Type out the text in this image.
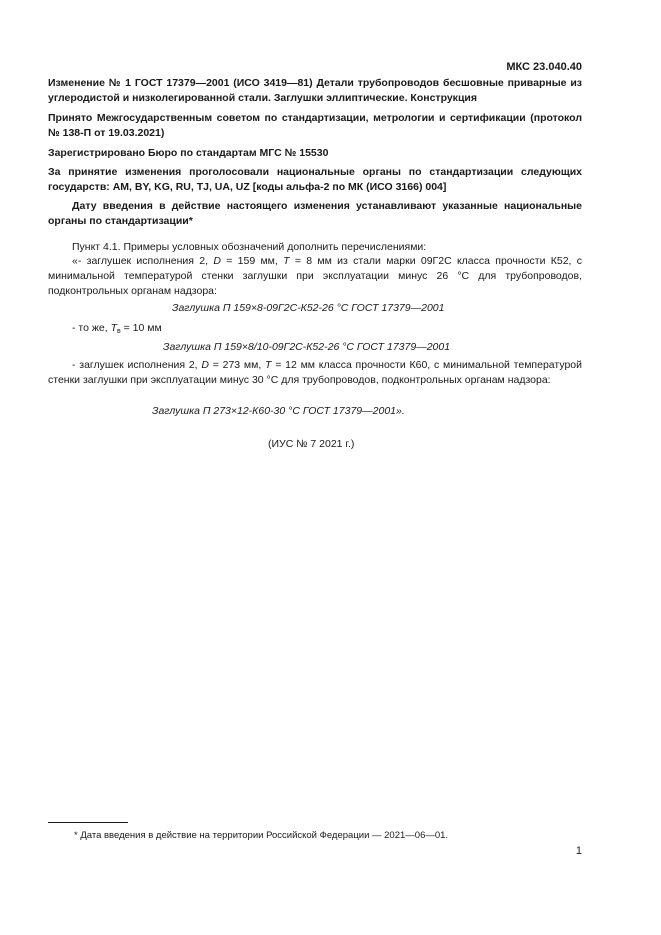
МКС 23.040.40
Изменение № 1 ГОСТ 17379—2001 (ИСО 3419—81) Детали трубопроводов бесшовные приварные из углеродистой и низколегированной стали. Заглушки эллиптические. Конструкция
Принято Межгосударственным советом по стандартизации, метрологии и сертификации (протокол № 138-П от 19.03.2021)
Зарегистрировано Бюро по стандартам МГС № 15530
За принятие изменения проголосовали национальные органы по стандартизации следующих государств: AM, BY, KG, RU, TJ, UA, UZ [коды альфа-2 по МК (ИСО 3166) 004]
Дату введения в действие настоящего изменения устанавливают указанные национальные органы по стандартизации*
Пункт 4.1. Примеры условных обозначений дополнить перечислениями:
«- заглушек исполнения 2, D = 159 мм, T = 8 мм из стали марки 09Г2С класса прочности К52, с минимальной температурой стенки заглушки при эксплуатации минус 26 °С для трубопроводов, подконтрольных органам надзора:
Заглушка П 159×8-09Г2С-К52-26 °С ГОСТ 17379—2001
- то же, $T_в = 10$ мм
Заглушка П 159×8/10-09Г2С-К52-26 °С ГОСТ 17379—2001
- заглушек исполнения 2, D = 273 мм, T = 12 мм класса прочности К60, с минимальной температурой стенки заглушки при эксплуатации минус 30 °С для трубопроводов, подконтрольных органам надзора:
Заглушка П 273×12-К60-30 °С ГОСТ 17379—2001».
(ИУС № 7 2021 г.)
* Дата введения в действие на территории Российской Федерации — 2021—06—01.
1
